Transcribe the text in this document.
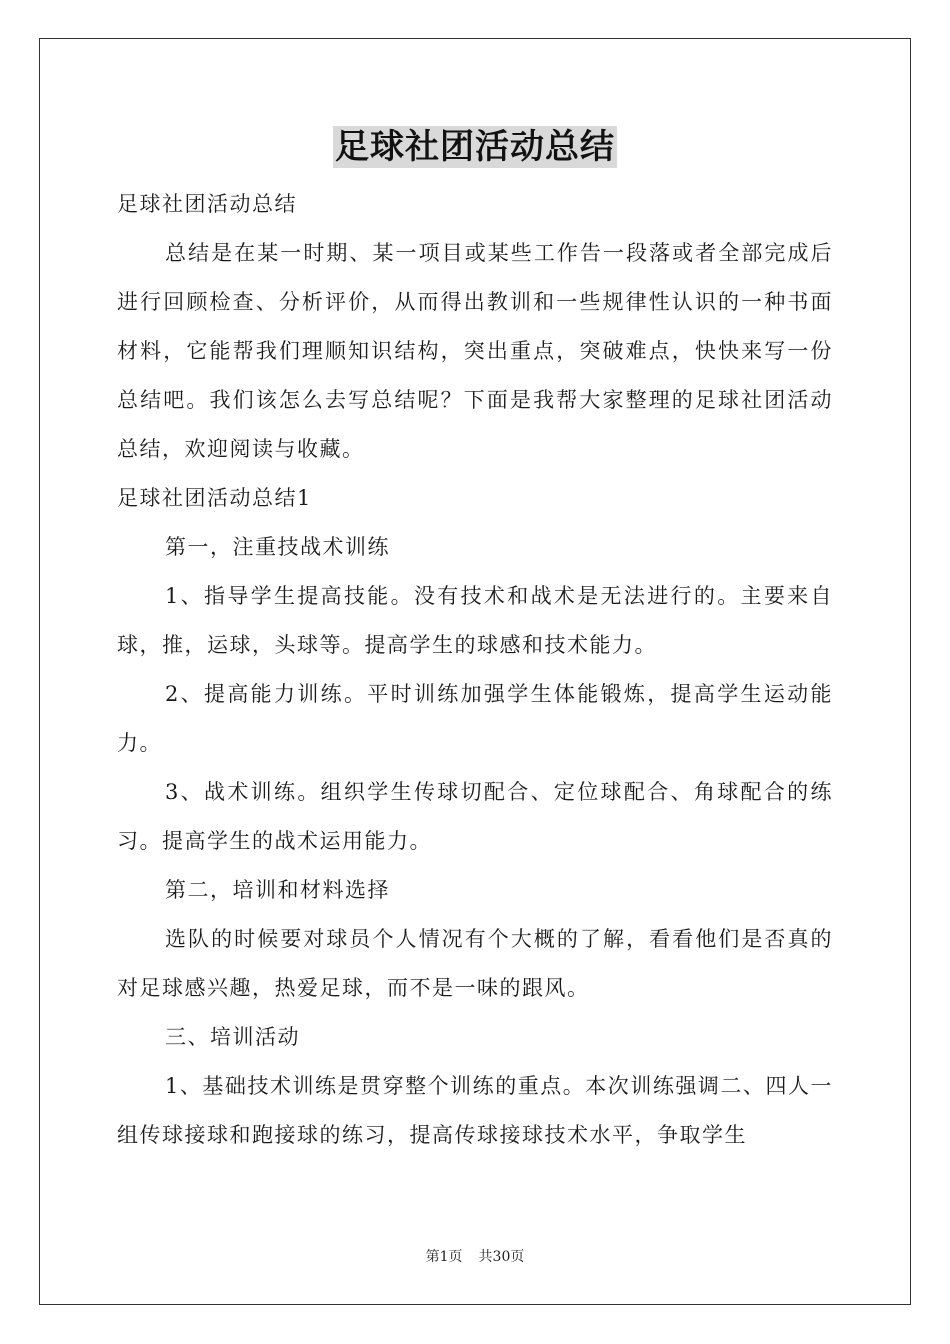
足球社团活动总结

足球社团活动总结

总结是在某一时期、某一项目或某些工作告一段落或者全部完成后进行回顾检查、分析评价，从而得出教训和一些规律性认识的一种书面材料，它能帮我们理顺知识结构，突出重点，突破难点，快快来写一份总结吧。我们该怎么去写总结呢？下面是我帮大家整理的足球社团活动总结，欢迎阅读与收藏。

足球社团活动总结1

第一，注重技战术训练

1、指导学生提高技能。没有技术和战术是无法进行的。主要来自球，推，运球，头球等。提高学生的球感和技术能力。

2、提高能力训练。平时训练加强学生体能锻炼，提高学生运动能力。

3、战术训练。组织学生传球切配合、定位球配合、角球配合的练习。提高学生的战术运用能力。

第二，培训和材料选择

选队的时候要对球员个人情况有个大概的了解，看看他们是否真的对足球感兴趣，热爱足球，而不是一味的跟风。

三、培训活动

1、基础技术训练是贯穿整个训练的重点。本次训练强调二、四人一组传球接球和跑接球的练习，提高传球接球技术水平，争取学生

第1页 共30页
